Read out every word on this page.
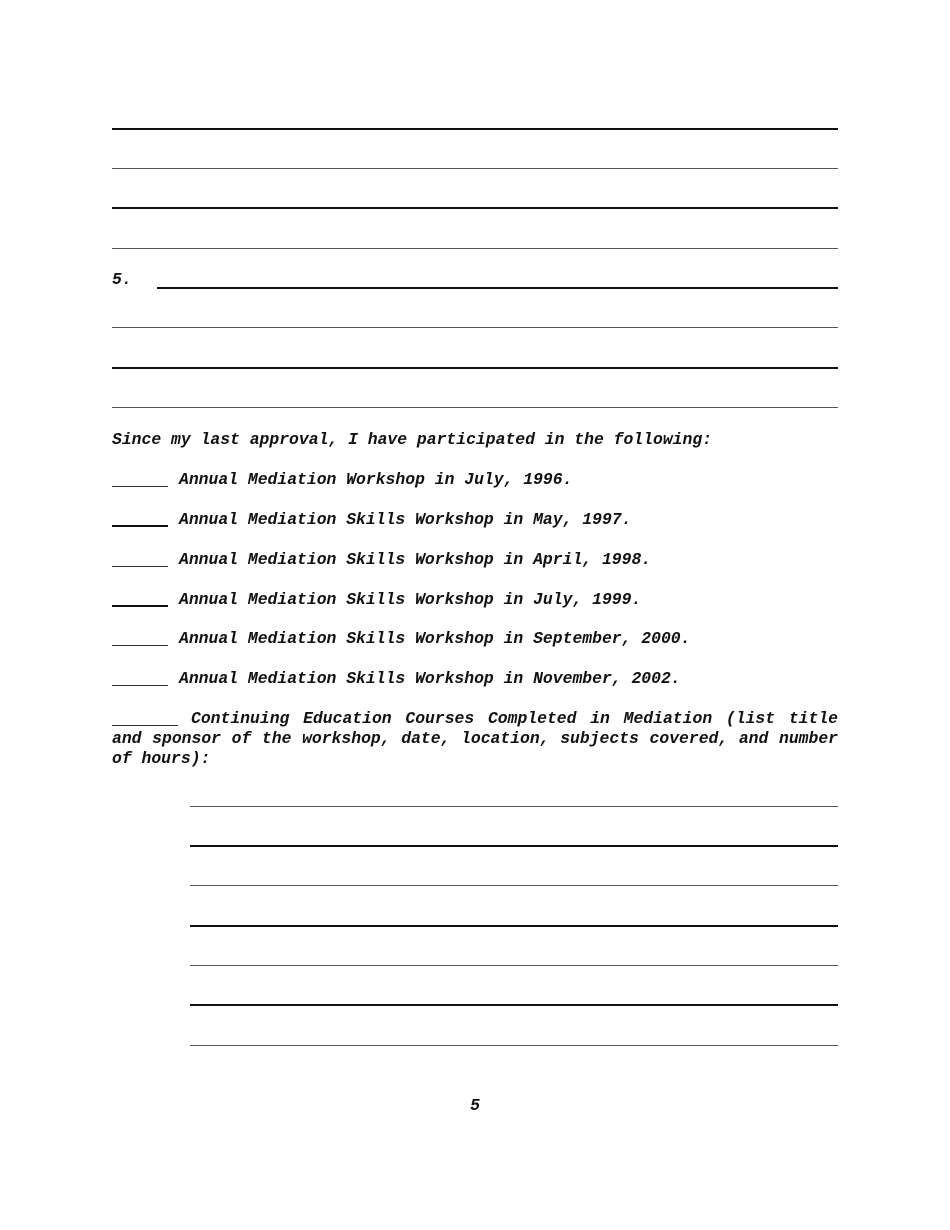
5.
Since my last approval, I have participated in the following:
Annual Mediation Workshop in July, 1996.
Annual Mediation Skills Workshop in May, 1997.
Annual Mediation Skills Workshop in April, 1998.
Annual Mediation Skills Workshop in July, 1999.
Annual Mediation Skills Workshop in September, 2000.
Annual Mediation Skills Workshop in November, 2002.
Continuing Education Courses Completed in Mediation (list title and sponsor of the workshop, date, location, subjects covered, and number of hours):
5
